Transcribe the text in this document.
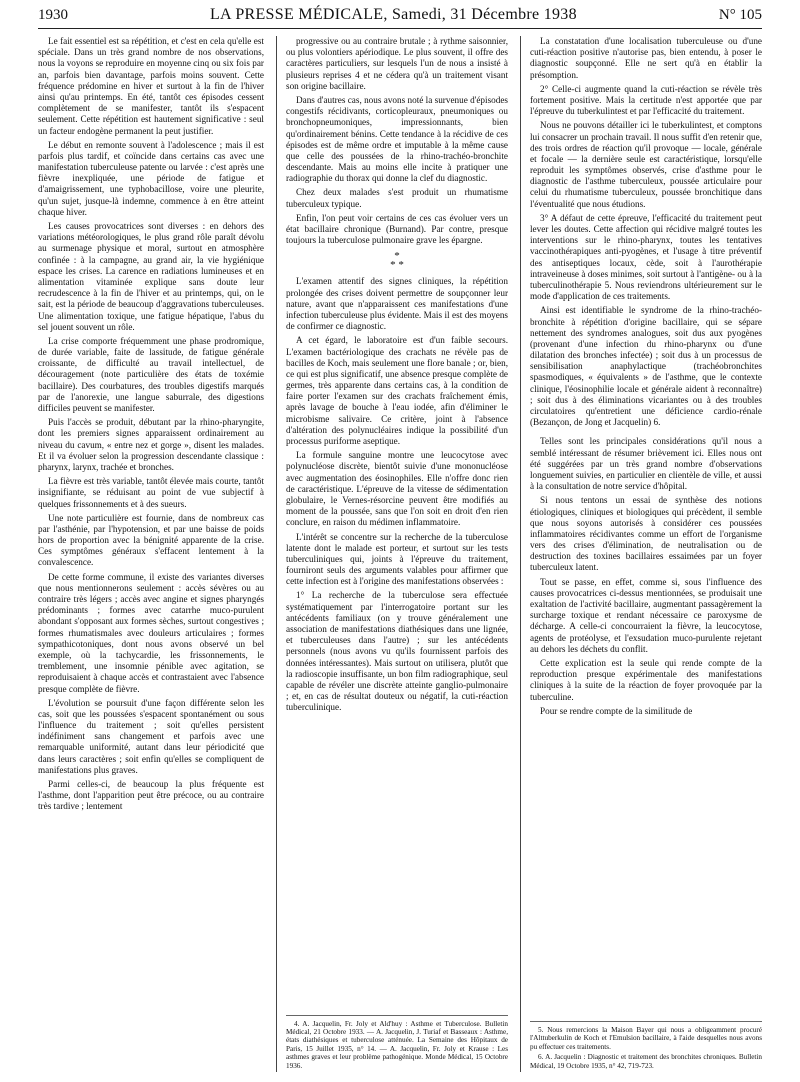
1930	LA PRESSE MÉDICALE, Samedi, 31 Décembre 1938	N° 105

Le fait essentiel est sa répétition, et c'est en cela qu'elle est spéciale. Dans un très grand nombre de nos observations, nous la voyons se reproduire en moyenne cinq ou six fois par an, parfois bien davantage, parfois moins souvent. Cette fréquence prédomine en hiver et surtout à la fin de l'hiver ainsi qu'au printemps. En été, tantôt ces épisodes cessent complètement de se manifester, tantôt ils s'espacent seulement. Cette répétition est hautement significative : seul un facteur endogène permanent la peut justifier.

Le début en remonte souvent à l'adolescence ; mais il est parfois plus tardif, et coïncide dans certains cas avec une manifestation tuberculeuse patente ou larvée : c'est après une fièvre inexpliquée, une période de fatigue et d'amaigrissement, une typhobacillose, voire une pleurite, qu'un sujet, jusque-là indemne, commence à en être atteint chaque hiver.

Les causes provocatrices sont diverses : en dehors des variations météorologiques, le plus grand rôle paraît dévolu au surmenage physique et moral, surtout en atmosphère confinée : à la campagne, au grand air, la vie hygiénique espace les crises. La carence en radiations lumineuses et en alimentation vitaminée explique sans doute leur recrudescence à la fin de l'hiver et au printemps, qui, on le sait, est la période de beaucoup d'aggravations tuberculeuses. Une alimentation toxique, une fatigue hépatique, l'abus du sel jouent souvent un rôle.

La crise comporte fréquemment une phase prodromique, de durée variable, faite de lassitude, de fatigue générale croissante, de difficulté au travail intellectuel, de découragement (note particulière des états de toxémie bacillaire). Des courbatures, des troubles digestifs marqués par de l'anorexie, une langue saburrale, des digestions difficiles peuvent se manifester.

Puis l'accès se produit, débutant par la rhino-pharyngite, dont les premiers signes apparaissent ordinairement au niveau du cavum, « entre nez et gorge », disent les malades. Et il va évoluer selon la progression descendante classique : pharynx, larynx, trachée et bronches.

La fièvre est très variable, tantôt élevée mais courte, tantôt insignifiante, se réduisant au point de vue subjectif à quelques frissonnements et à des sueurs.

Une note particulière est fournie, dans de nombreux cas par l'asthénie, par l'hypotension, et par une baisse de poids hors de proportion avec la bénignité apparente de la crise. Ces symptômes généraux s'effacent lentement à la convalescence.

De cette forme commune, il existe des variantes diverses que nous mentionnerons seulement : accès sévères ou au contraire très légers ; accès avec angine et signes pharyngés prédominants ; formes avec catarrhe muco-purulent abondant s'opposant aux formes sèches, surtout congestives ; formes rhumatismales avec douleurs articulaires ; formes sympathicotoniques, dont nous avons observé un bel exemple, où la tachycardie, les frissonnements, le tremblement, une insomnie pénible avec agitation, se reproduisaient à chaque accès et contrastaient avec l'absence presque complète de fièvre.

L'évolution se poursuit d'une façon différente selon les cas, soit que les poussées s'espacent spontanément ou sous l'influence du traitement ; soit qu'elles persistent indéfiniment sans changement et parfois avec une remarquable uniformité, autant dans leur périodicité que dans leurs caractères ; soit enfin qu'elles se compliquent de manifestations plus graves.

Parmi celles-ci, de beaucoup la plus fréquente est l'asthme, dont l'apparition peut être précoce, ou au contraire très tardive ; lentement

progressive ou au contraire brutale ; à rythme saisonnier, ou plus volontiers apériodique. Le plus souvent, il offre des caractères particuliers, sur lesquels l'un de nous a insisté à plusieurs reprises 4 et ne cédera qu'à un traitement visant son origine bacillaire.

Dans d'autres cas, nous avons noté la survenue d'épisodes congestifs récidivants, corticopleuraux, pneumoniques ou bronchopneumoniques, impressionnants, bien qu'ordinairement bénins. Cette tendance à la récidive de ces épisodes est de même ordre et imputable à la même cause que celle des poussées de la rhino-trachéo-bronchite descendante. Mais au moins elle incite à pratiquer une radiographie du thorax qui donne la clef du diagnostic.

Chez deux malades s'est produit un rhumatisme tuberculeux typique.

Enfin, l'on peut voir certains de ces cas évoluer vers un état bacillaire chronique (Burnand). Par contre, presque toujours la tuberculose pulmonaire grave les épargne.

*
* *

L'examen attentif des signes cliniques, la répétition prolongée des crises doivent permettre de soupçonner leur nature, avant que n'apparaissent ces manifestations d'une infection tuberculeuse plus évidente. Mais il est des moyens de confirmer ce diagnostic.

A cet égard, le laboratoire est d'un faible secours. L'examen bactériologique des crachats ne révèle pas de bacilles de Koch, mais seulement une flore banale ; or, bien, ce qui est plus significatif, une absence presque complète de germes, très apparente dans certains cas, à la condition de faire porter l'examen sur des crachats fraîchement émis, après lavage de bouche à l'eau iodée, afin d'éliminer le microbisme salivaire. Ce critère, joint à l'absence d'altération des polynucléaires indique la possibilité d'un processus puriforme aseptique.

La formule sanguine montre une leucocytose avec polynucléose discrète, bientôt suivie d'une mononucléose avec augmentation des éosinophiles. Elle n'offre donc rien de caractéristique. L'épreuve de la vitesse de sédimentation globulaire, le Vernes-résorcine peuvent être modifiés au moment de la poussée, sans que l'on soit en droit d'en rien conclure, en raison du médimen inflammatoire.

L'intérêt se concentre sur la recherche de la tuberculose latente dont le malade est porteur, et surtout sur les tests tuberculiniques qui, joints à l'épreuve du traitement, fourniront seuls des arguments valables pour affirmer que cette infection est à l'origine des manifestations observées :

1° La recherche de la tuberculose sera effectuée systématiquement par l'interrogatoire portant sur les antécédents familiaux (on y trouve généralement une association de manifestations diathésiques dans une lignée, et tuberculeuses dans l'autre) ; sur les antécédents personnels (nous avons vu qu'ils fournissent parfois des données intéressantes). Mais surtout on utilisera, plutôt que la radioscopie insuffisante, un bon film radiographique, seul capable de révéler une discrète atteinte ganglio-pulmonaire ; et, en cas de résultat douteux ou négatif, la cuti-réaction tuberculinique.

4. A. Jacquelin, Fr. Joly et Ald'huy : Asthme et Tuberculose. Bulletin Médical, 21 Octobre 1933. — A. Jacquelin, J. Turiaf et Basseaux : Asthme, états diathésiques et tuberculose atténuée. La Semaine des Hôpitaux de Paris, 15 Juillet 1935, n° 14. — A. Jacquelin, Fr. Joly et Krause : Les asthmes graves et leur problème pathogénique. Monde Médical, 15 Octobre 1936.

La constatation d'une localisation tuberculeuse ou d'une cuti-réaction positive n'autorise pas, bien entendu, à poser le diagnostic soupçonné. Elle ne sert qu'à en établir la présomption.

2° Celle-ci augmente quand la cuti-réaction se révèle très fortement positive. Mais la certitude n'est apportée que par l'épreuve du tuberkulintest et par l'efficacité du traitement.

Nous ne pouvons détailler ici le tuberkulintest, et comptons lui consacrer un prochain travail. Il nous suffit d'en retenir que, des trois ordres de réaction qu'il provoque — locale, générale et focale — la dernière seule est caractéristique, lorsqu'elle reproduit les symptômes observés, crise d'asthme pour le diagnostic de l'asthme tuberculeux, poussée articulaire pour celui du rhumatisme tuberculeux, poussée bronchitique dans l'éventualité que nous étudions.

3° A défaut de cette épreuve, l'efficacité du traitement peut lever les doutes. Cette affection qui récidive malgré toutes les interventions sur le rhino-pharynx, toutes les tentatives vaccinothérapiques anti-pyogènes, et l'usage à titre préventif des antiseptiques locaux, cède, soit à l'aurothérapie intraveineuse à doses minimes, soit surtout à l'antigène- ou à la tuberculinothérapie 5. Nous reviendrons ultérieurement sur le mode d'application de ces traitements.

Ainsi est identifiable le syndrome de la rhino-trachéo-bronchite à répétition d'origine bacillaire, qui se sépare nettement des syndromes analogues, soit dus aux pyogènes (provenant d'une infection du rhino-pharynx ou d'une dilatation des bronches infectée) ; soit dus à un processus de sensibilisation anaphylactique (trachéobronchites spasmodiques, « équivalents » de l'asthme, que le contexte clinique, l'éosinophilie locale et générale aident à reconnaître) ; soit dus à des éliminations vicariantes ou à des troubles circulatoires qu'entretient une déficience cardio-rénale (Bezançon, de Jong et Jacquelin) 6.

Telles sont les principales considérations qu'il nous a semblé intéressant de résumer brièvement ici. Elles nous ont été suggérées par un très grand nombre d'observations longuement suivies, en particulier en clientèle de ville, et aussi à la consultation de notre service d'hôpital.

Si nous tentons un essai de synthèse des notions étiologiques, cliniques et biologiques qui précèdent, il semble que nous soyons autorisés à considérer ces poussées inflammatoires récidivantes comme un effort de l'organisme vers des crises d'élimination, de neutralisation ou de destruction des toxines bacillaires essaimées par un foyer tuberculeux latent.

Tout se passe, en effet, comme si, sous l'influence des causes provocatrices ci-dessus mentionnées, se produisait une exaltation de l'activité bacillaire, augmentant passagèrement la surcharge toxique et rendant nécessaire ce paroxysme de décharge. A celle-ci concourraient la fièvre, la leucocytose, agents de protéolyse, et l'exsudation muco-purulente rejetant au dehors les déchets du conflit.

Cette explication est la seule qui rende compte de la reproduction presque expérimentale des manifestations cliniques à la suite de la réaction de foyer provoquée par la tuberculine.

Pour se rendre compte de la similitude de

5. Nous remercions la Maison Bayer qui nous a obligeamment procuré l'Alttuberkulin de Koch et l'Emulsion bacillaire, à l'aide desquelles nous avons pu effectuer ces traitements.

6. A. Jacquelin : Diagnostic et traitement des bronchites chroniques. Bulletin Médical, 19 Octobre 1935, n° 42, 719-723.
